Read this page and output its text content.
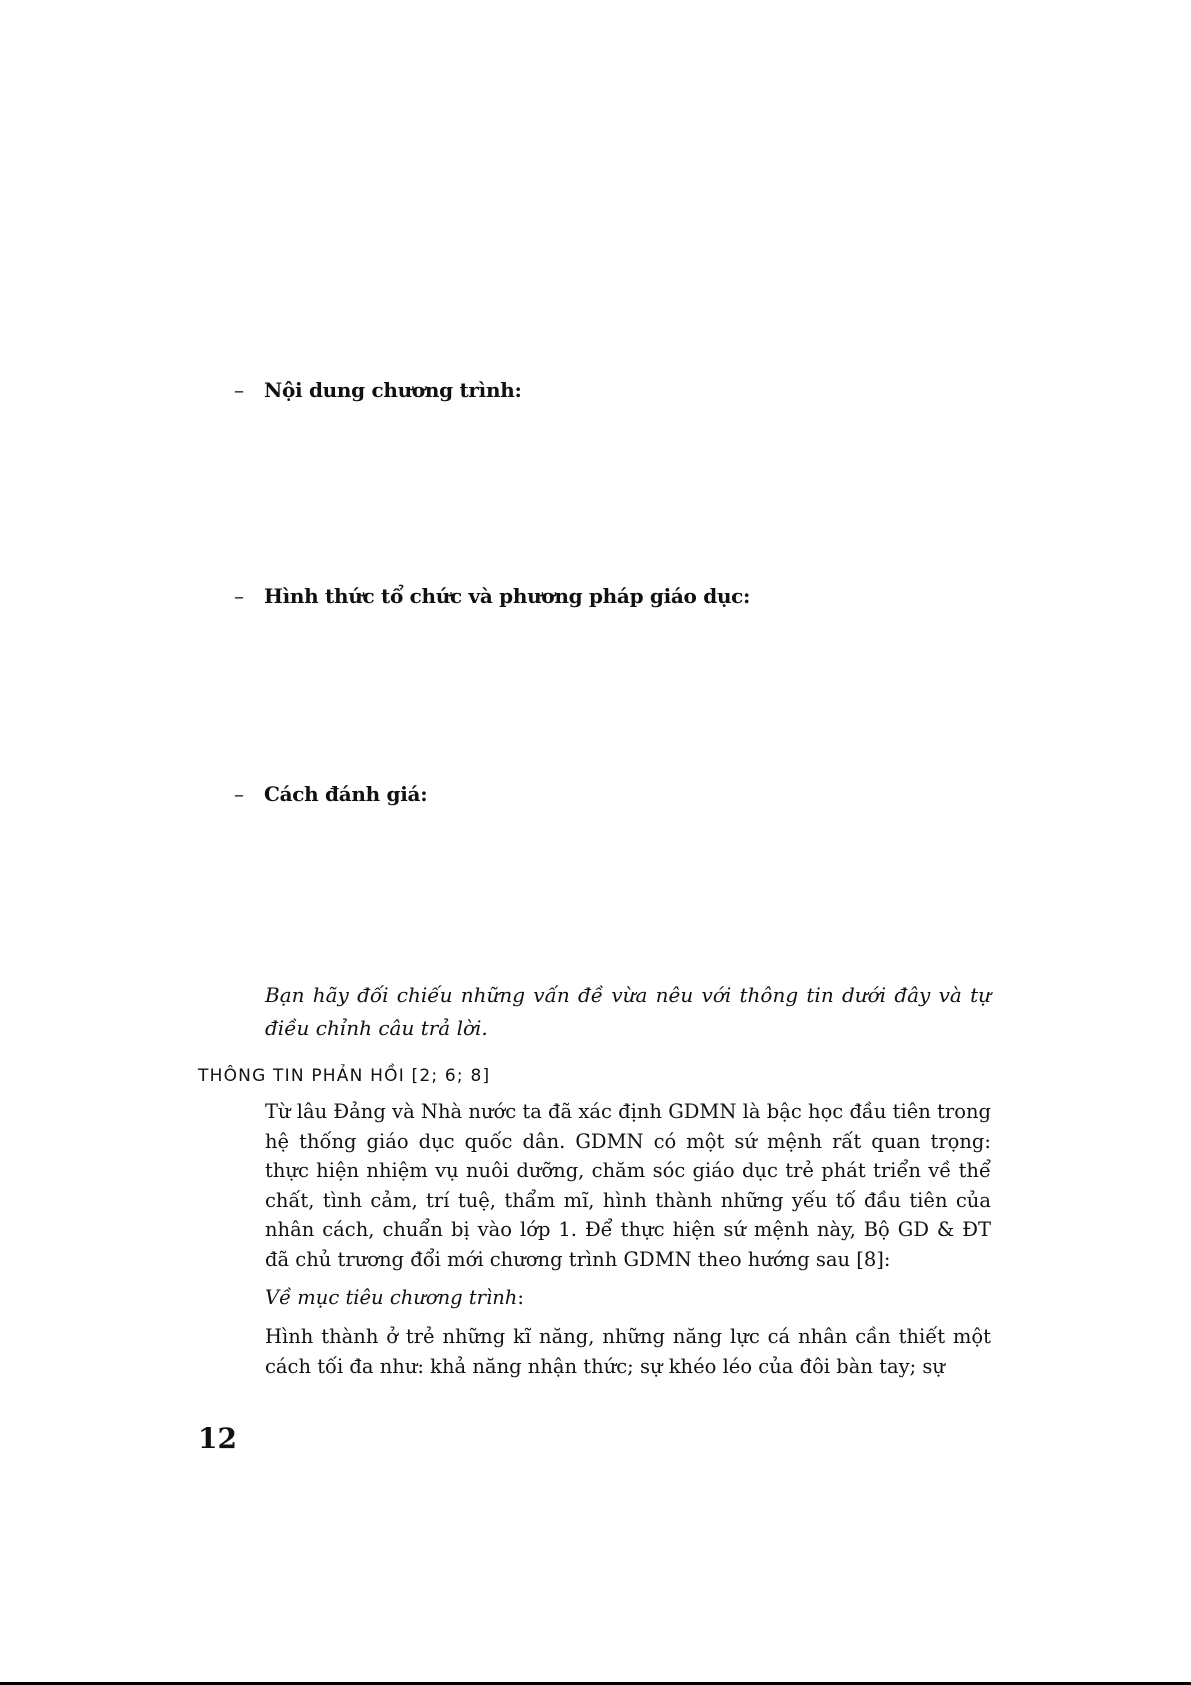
– Nội dung chương trình:
– Hình thức tổ chức và phương pháp giáo dục:
– Cách đánh giá:
Bạn hãy đối chiếu những vấn đề vừa nêu với thông tin dưới đây và tự điều chỉnh câu trả lời.
THÔNG TIN PHẢN HỒI [2; 6; 8]
Từ lâu Đảng và Nhà nước ta đã xác định GDMN là bậc học đầu tiên trong hệ thống giáo dục quốc dân. GDMN có một sứ mệnh rất quan trọng: thực hiện nhiệm vụ nuôi dưỡng, chăm sóc giáo dục trẻ phát triển về thể chất, tình cảm, trí tuệ, thẩm mĩ, hình thành những yếu tố đầu tiên của nhân cách, chuẩn bị vào lớp 1. Để thực hiện sứ mệnh này, Bộ GD & ĐT đã chủ trương đổi mới chương trình GDMN theo hướng sau [8]:
Về mục tiêu chương trình:
Hình thành ở trẻ những kĩ năng, những năng lực cá nhân cần thiết một cách tối đa như: khả năng nhận thức; sự khéo léo của đôi bàn tay; sự
12
